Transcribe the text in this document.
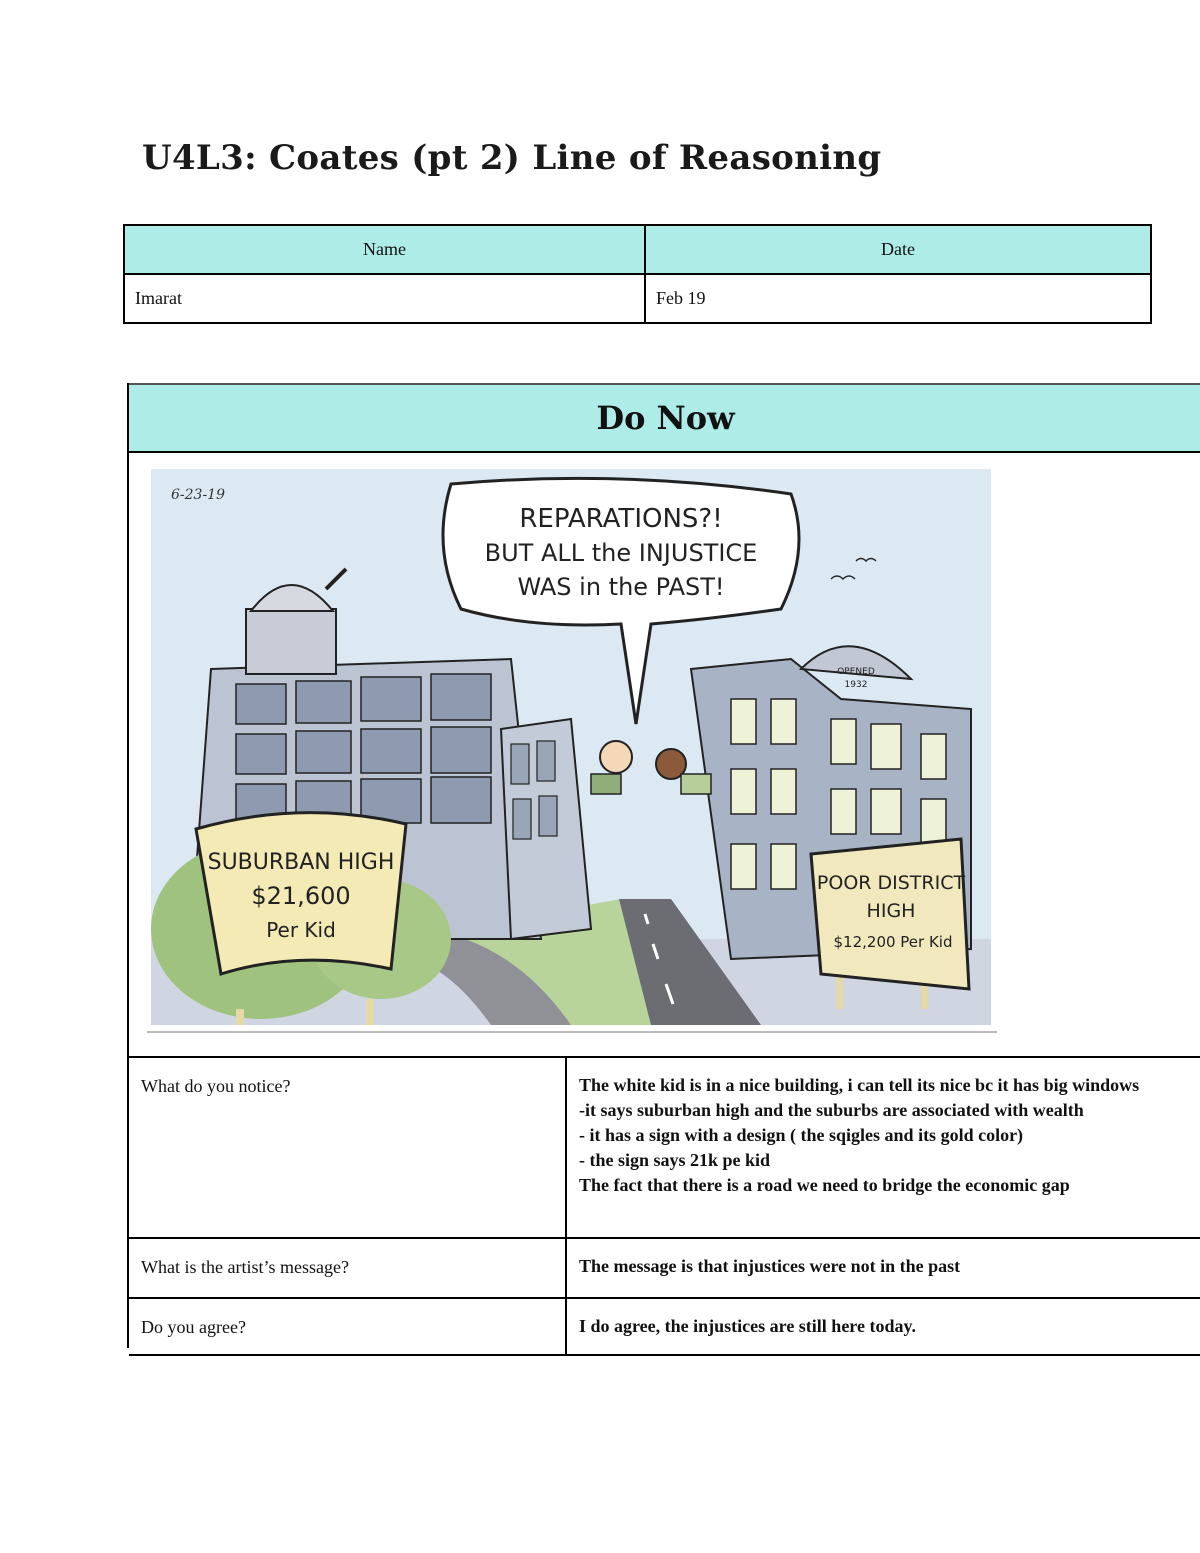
U4L3: Coates (pt 2) Line of Reasoning
Name	Date
Imarat	Feb 19
Do Now
SUBURBAN HIGH
$21,600
Per Kid
OPENED
1932
POOR DISTRICT
HIGH
$12,200 Per Kid
REPARATIONS?!
BUT ALL the INJUSTICE
WAS in the PAST!
6-23-19
What do you notice?	The white kid is in a nice building, i can tell its nice bc it has big windows
-it says suburban high and the suburbs are associated with wealth
- it has a sign with a design ( the sqigles and its gold color)
- the sign says 21k pe kid
The fact that there is a road we need to bridge the economic gap

What is the artist’s message?	The message is that injustices were not in the past

Do you agree?	I do agree, the injustices are still here today.
